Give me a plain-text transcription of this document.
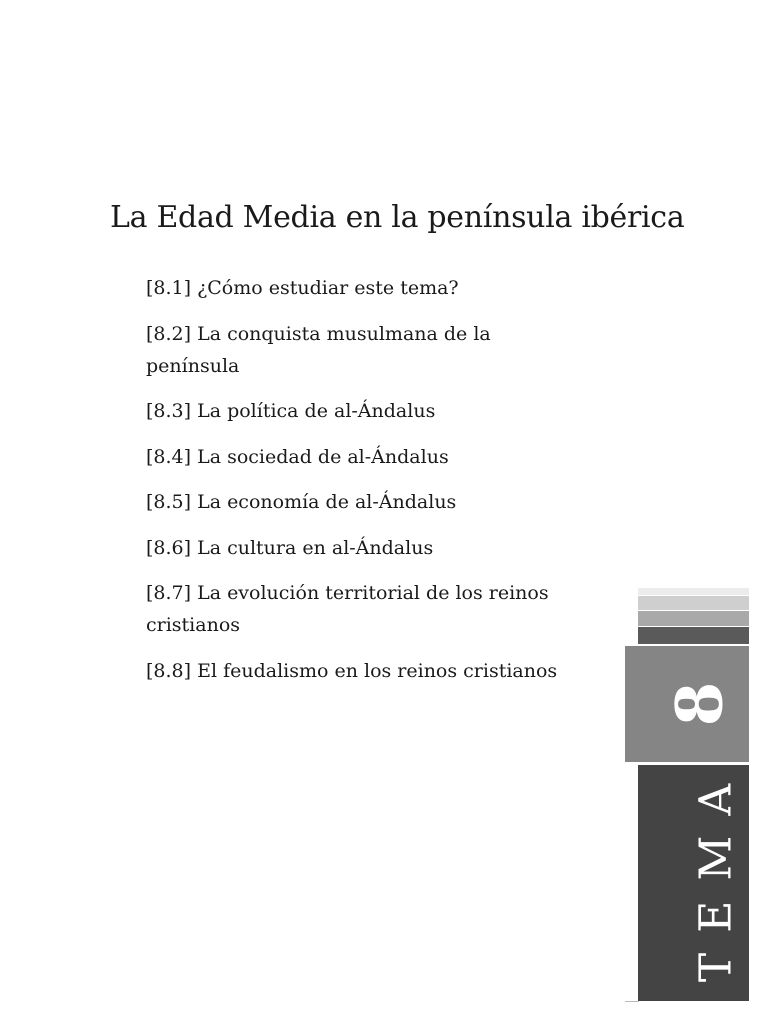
La Edad Media en la península ibérica
[8.1] ¿Cómo estudiar este tema?
[8.2] La conquista musulmana de la península
[8.3] La política de al-Ándalus
[8.4] La sociedad de al-Ándalus
[8.5] La economía de al-Ándalus
[8.6] La cultura en al-Ándalus
[8.7] La evolución territorial de los reinos cristianos
[8.8] El feudalismo en los reinos cristianos
8
TEMA
